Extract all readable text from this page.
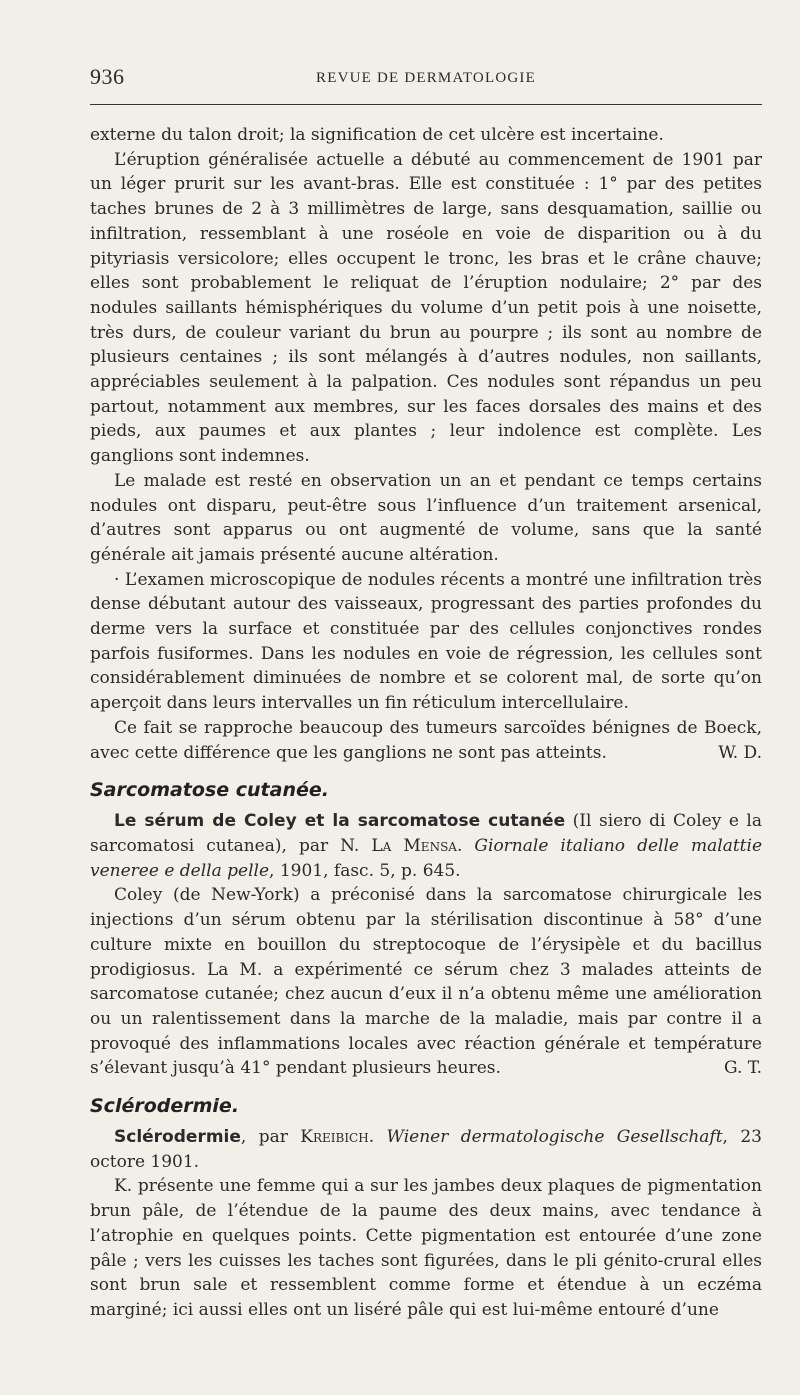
936	REVUE DE DERMATOLOGIE

externe du talon droit; la signification de cet ulcère est incertaine.

L’éruption généralisée actuelle a débuté au commencement de 1901 par un léger prurit sur les avant-bras. Elle est constituée : 1° par des petites taches brunes de 2 à 3 millimètres de large, sans desquamation, saillie ou infiltration, ressemblant à une roséole en voie de disparition ou à du pityriasis versicolore; elles occupent le tronc, les bras et le crâne chauve; elles sont probablement le reliquat de l’éruption nodulaire; 2° par des nodules saillants hémisphériques du volume d’un petit pois à une noisette, très durs, de couleur variant du brun au pourpre ; ils sont au nombre de plusieurs centaines ; ils sont mélangés à d’autres nodules, non saillants, appréciables seulement à la palpation. Ces nodules sont répandus un peu partout, notamment aux membres, sur les faces dorsales des mains et des pieds, aux paumes et aux plantes ; leur indolence est complète. Les ganglions sont indemnes.

Le malade est resté en observation un an et pendant ce temps certains nodules ont disparu, peut-être sous l’influence d’un traitement arsenical, d’autres sont apparus ou ont augmenté de volume, sans que la santé générale ait jamais présenté aucune altération.

· L’examen microscopique de nodules récents a montré une infiltration très dense débutant autour des vaisseaux, progressant des parties profondes du derme vers la surface et constituée par des cellules conjonctives rondes parfois fusiformes. Dans les nodules en voie de régression, les cellules sont considérablement diminuées de nombre et se colorent mal, de sorte qu’on aperçoit dans leurs intervalles un fin réticulum intercellulaire.

Ce fait se rapproche beaucoup des tumeurs sarcoïdes bénignes de Boeck, avec cette différence que les ganglions ne sont pas atteints.	W. D.

Sarcomatose cutanée.

Le sérum de Coley et la sarcomatose cutanée (Il siero di Coley e la sarcomatosi cutanea), par N. La Mensa. Giornale italiano delle malattie veneree e della pelle, 1901, fasc. 5, p. 645.

Coley (de New-York) a préconisé dans la sarcomatose chirurgicale les injections d’un sérum obtenu par la stérilisation discontinue à 58° d’une culture mixte en bouillon du streptocoque de l’érysipèle et du bacillus prodigiosus. La M. a expérimenté ce sérum chez 3 malades atteints de sarcomatose cutanée; chez aucun d’eux il n’a obtenu même une amélioration ou un ralentissement dans la marche de la maladie, mais par contre il a provoqué des inflammations locales avec réaction générale et température s’élevant jusqu’à 41° pendant plusieurs heures.	G. T.

Sclérodermie.

Sclérodermie, par Kreibich. Wiener dermatologische Gesellschaft, 23 octore 1901.

K. présente une femme qui a sur les jambes deux plaques de pigmentation brun pâle, de l’étendue de la paume des deux mains, avec tendance à l’atrophie en quelques points. Cette pigmentation est entourée d’une zone pâle ; vers les cuisses les taches sont figurées, dans le pli génito-crural elles sont brun sale et ressemblent comme forme et étendue à un eczéma marginé; ici aussi elles ont un liséré pâle qui est lui-même entouré d’une
